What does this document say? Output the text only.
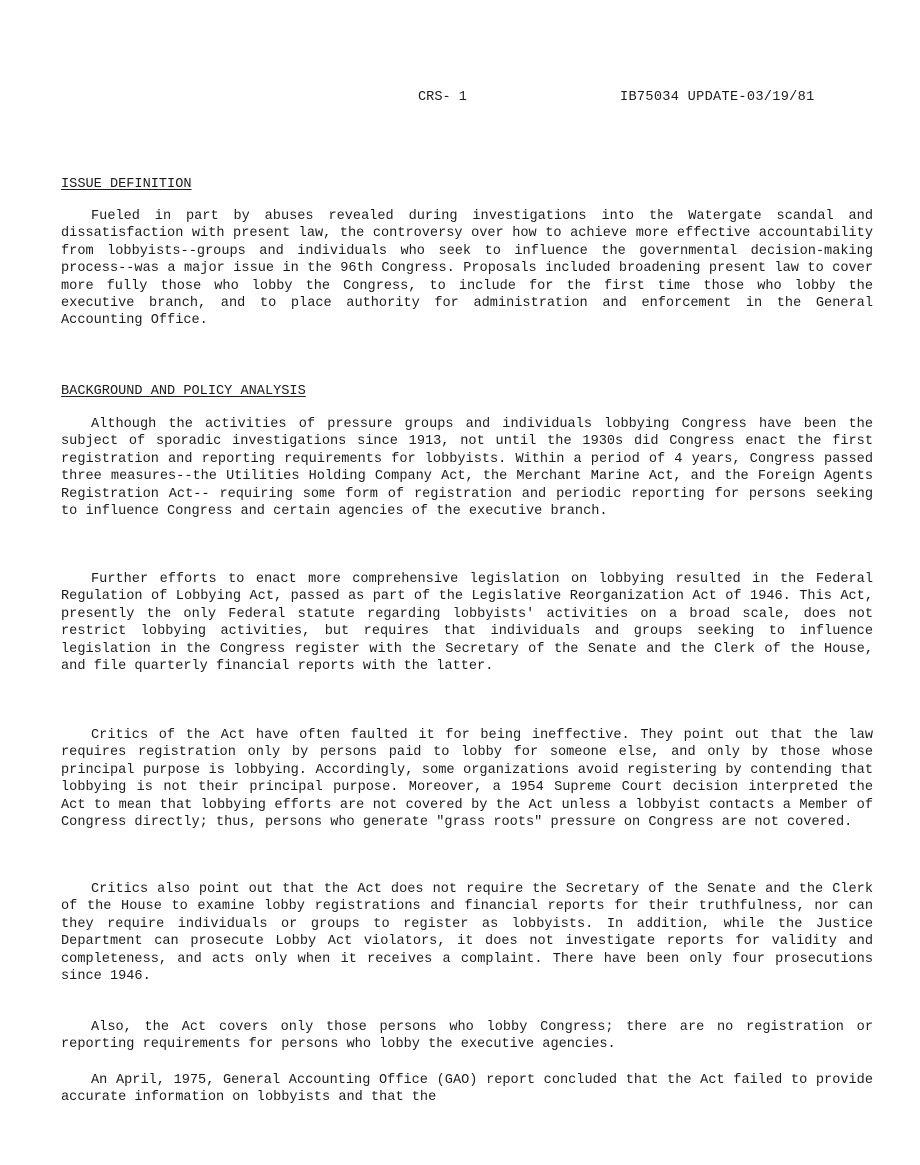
CRS- 1	IB75034 UPDATE-03/19/81
ISSUE DEFINITION

Fueled in part by abuses revealed during investigations into the Watergate scandal and dissatisfaction with present law, the controversy over how to achieve more effective accountability from lobbyists--groups and individuals who seek to influence the governmental decision-making process--was a major issue in the 96th Congress. Proposals included broadening present law to cover more fully those who lobby the Congress, to include for the first time those who lobby the executive branch, and to place authority for administration and enforcement in the General Accounting Office.

BACKGROUND AND POLICY ANALYSIS

Although the activities of pressure groups and individuals lobbying Congress have been the subject of sporadic investigations since 1913, not until the 1930s did Congress enact the first registration and reporting requirements for lobbyists. Within a period of 4 years, Congress passed three measures--the Utilities Holding Company Act, the Merchant Marine Act, and the Foreign Agents Registration Act-- requiring some form of registration and periodic reporting for persons seeking to influence Congress and certain agencies of the executive branch.

Further efforts to enact more comprehensive legislation on lobbying resulted in the Federal Regulation of Lobbying Act, passed as part of the Legislative Reorganization Act of 1946. This Act, presently the only Federal statute regarding lobbyists' activities on a broad scale, does not restrict lobbying activities, but requires that individuals and groups seeking to influence legislation in the Congress register with the Secretary of the Senate and the Clerk of the House, and file quarterly financial reports with the latter.

Critics of the Act have often faulted it for being ineffective. They point out that the law requires registration only by persons paid to lobby for someone else, and only by those whose principal purpose is lobbying. Accordingly, some organizations avoid registering by contending that lobbying is not their principal purpose. Moreover, a 1954 Supreme Court decision interpreted the Act to mean that lobbying efforts are not covered by the Act unless a lobbyist contacts a Member of Congress directly; thus, persons who generate "grass roots" pressure on Congress are not covered.

Critics also point out that the Act does not require the Secretary of the Senate and the Clerk of the House to examine lobby registrations and financial reports for their truthfulness, nor can they require individuals or groups to register as lobbyists. In addition, while the Justice Department can prosecute Lobby Act violators, it does not investigate reports for validity and completeness, and acts only when it receives a complaint. There have been only four prosecutions since 1946.

Also, the Act covers only those persons who lobby Congress; there are no registration or reporting requirements for persons who lobby the executive agencies.

An April, 1975, General Accounting Office (GAO) report concluded that the Act failed to provide accurate information on lobbyists and that the
